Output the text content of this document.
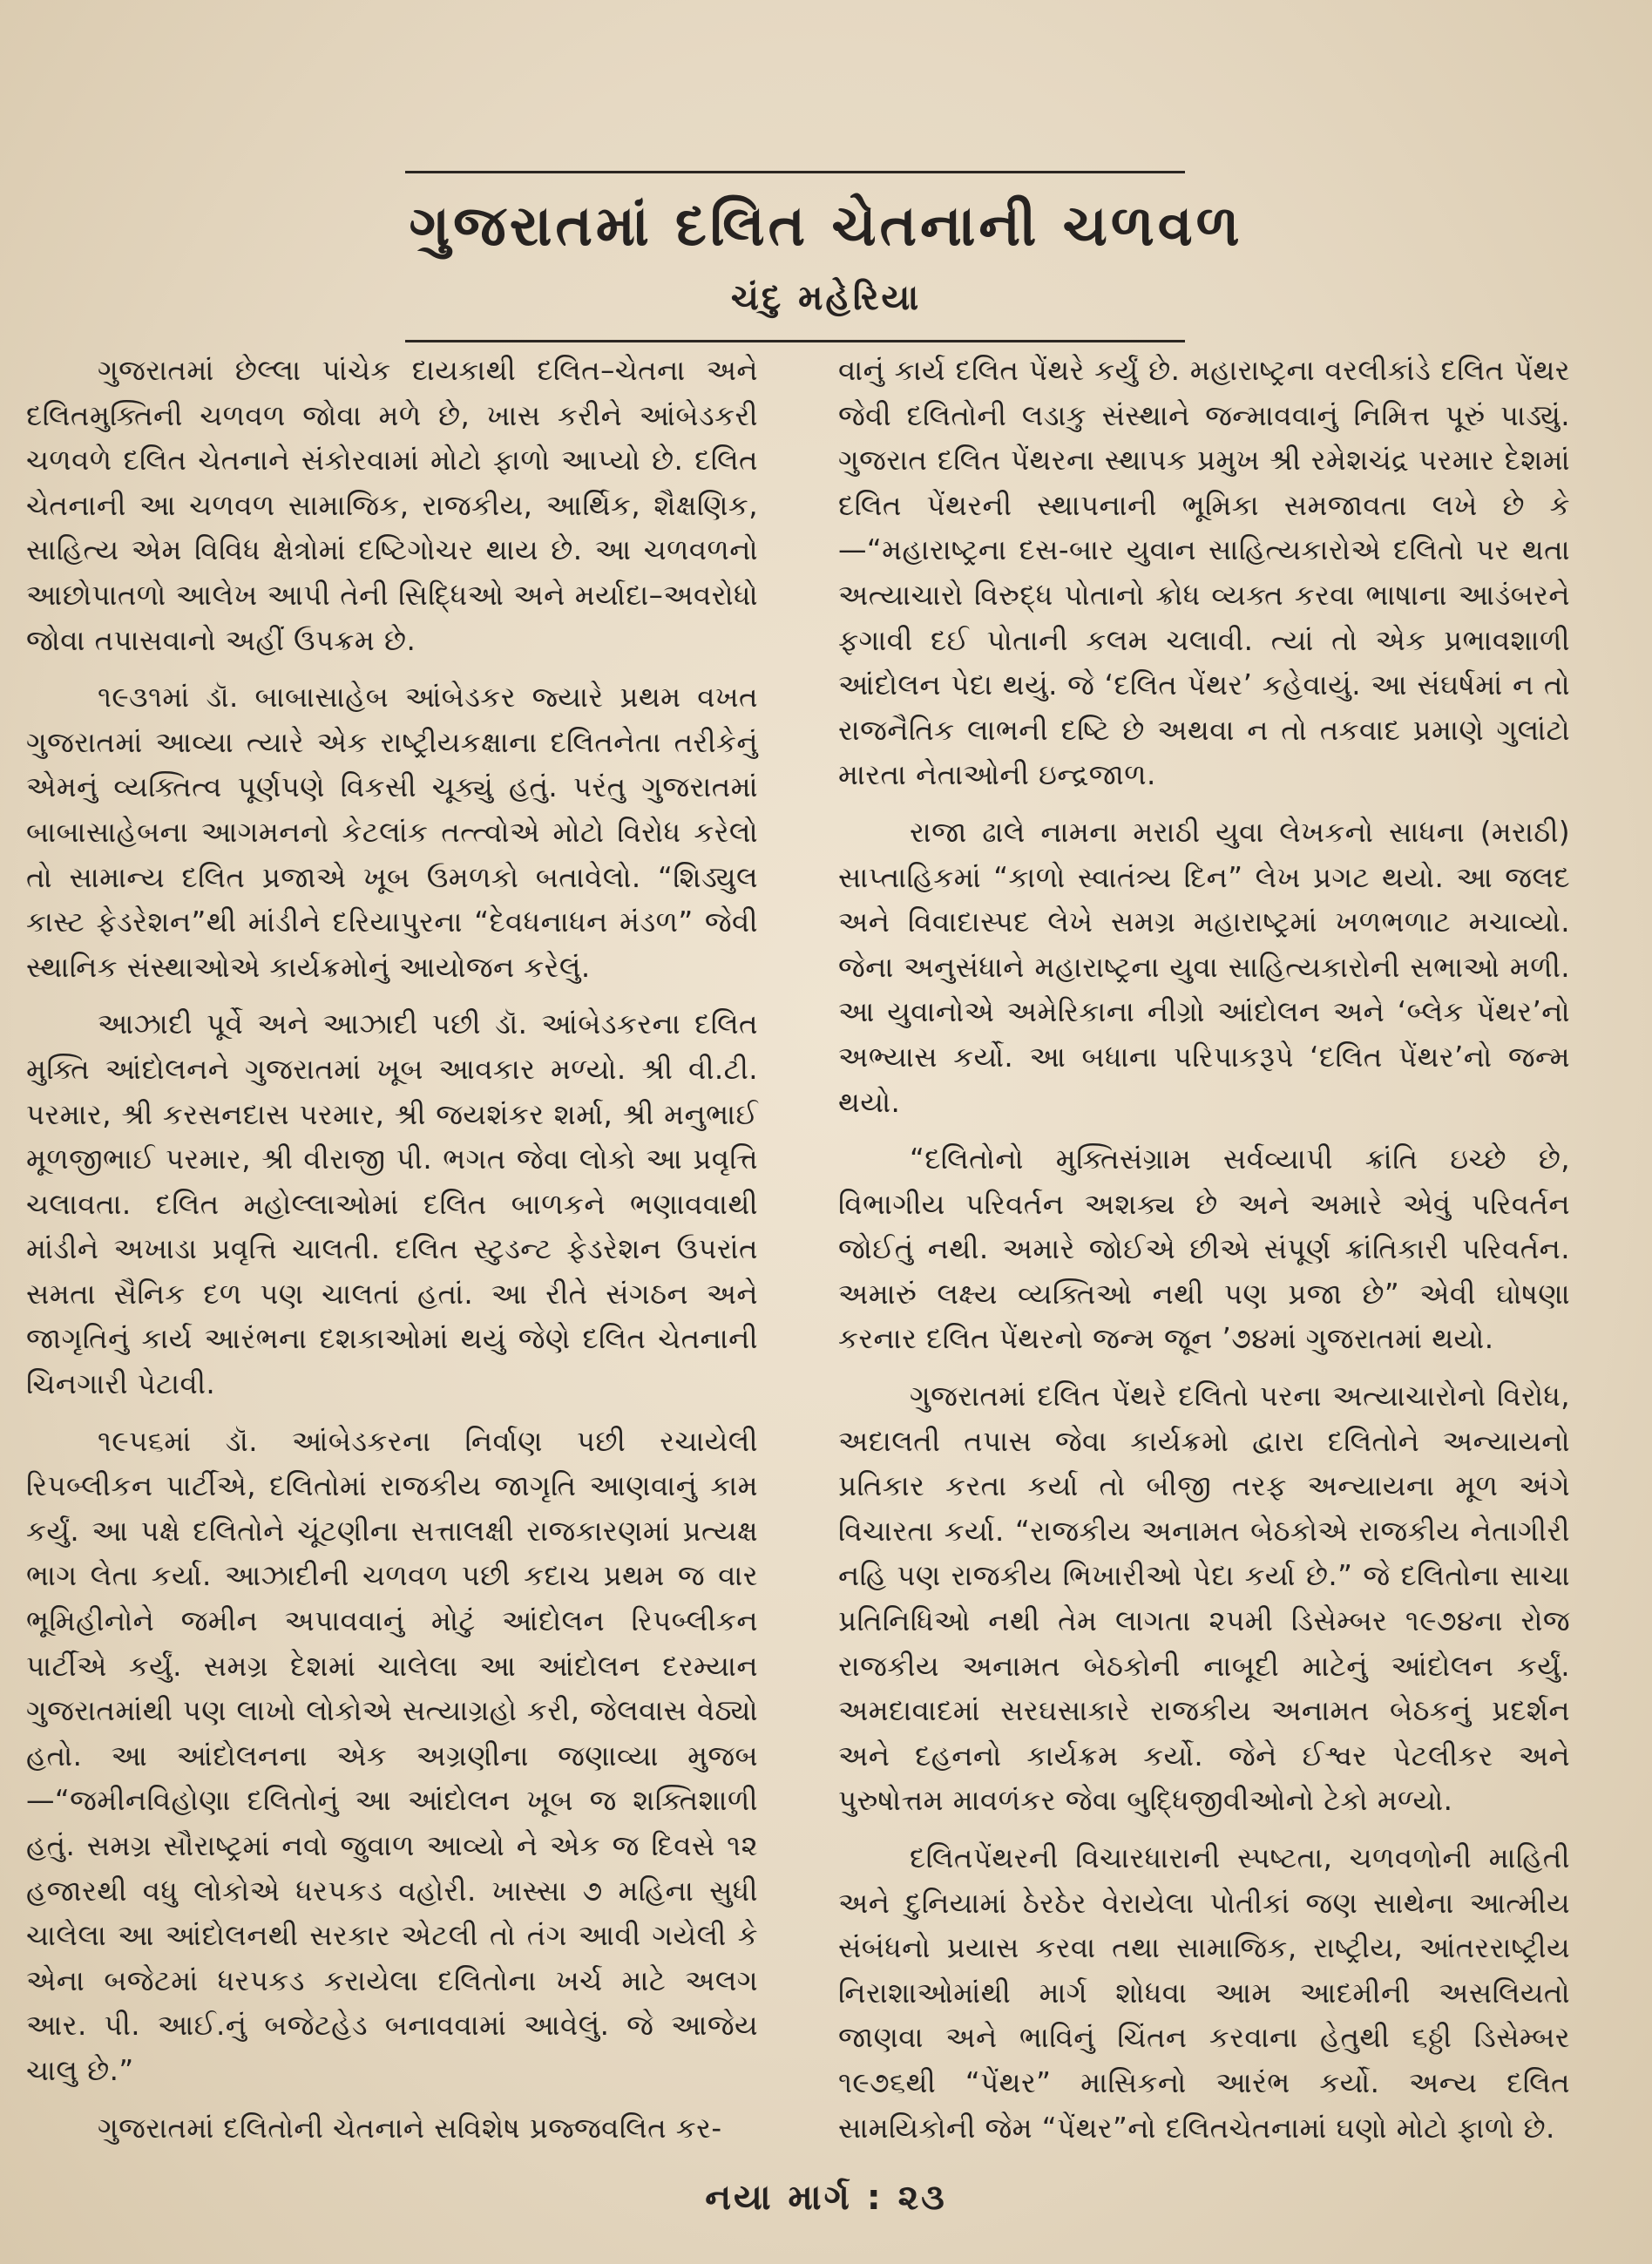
ગુજરાતમાં દલિત ચેતનાની ચળવળ
ચંદુ મહેરિયા

ગુજરાતમાં છેલ્લા પાંચેક દાયકાથી દલિત–ચેતના અને દલિતમુક્તિની ચળવળ જોવા મળે છે, ખાસ કરીને આંબેડકરી ચળવળે દલિત ચેતનાને સંકોરવામાં મોટો ફાળો આપ્યો છે. દલિત ચેતનાની આ ચળવળ સામાજિક, રાજકીય, આર્થિક, શૈક્ષણિક, સાહિત્ય એમ વિવિધ ક્ષેત્રોમાં દષ્ટિગોચર થાય છે. આ ચળવળનો આછોપાતળો આલેખ આપી તેની સિદ્ધિઓ અને મર્યાદા–અવરોધો જોવા તપાસવાનો અહીં ઉપક્રમ છે.

૧૯૩૧માં ડૉ. બાબાસાહેબ આંબેડકર જ્યારે પ્રથમ વખત ગુજરાતમાં આવ્યા ત્યારે એક રાષ્ટ્રીયકક્ષાના દલિતનેતા તરીકેનું એમનું વ્યક્તિત્વ પૂર્ણપણે વિકસી ચૂક્યું હતું. પરંતુ ગુજરાતમાં બાબાસાહેબના આગમનનો કેટલાંક તત્ત્વોએ મોટો વિરોધ કરેલો તો સામાન્ય દલિત પ્રજાએ ખૂબ ઉમળકો બતાવેલો. “શિડ્યુલ કાસ્ટ ફેડરેશન”થી માંડીને દરિયાપુરના “દેવધનાધન મંડળ” જેવી સ્થાનિક સંસ્થાઓએ કાર્યક્રમોનું આયોજન કરેલું.

આઝાદી પૂર્વે અને આઝાદી પછી ડૉ. આંબેડકરના દલિત મુક્તિ આંદોલનને ગુજરાતમાં ખૂબ આવકાર મળ્યો. શ્રી વી.ટી. પરમાર, શ્રી કરસનદાસ પરમાર, શ્રી જયશંકર શર્મા, શ્રી મનુભાઈ મૂળજીભાઈ પરમાર, શ્રી વીરાજી પી. ભગત જેવા લોકો આ પ્રવૃત્તિ ચલાવતા. દલિત મહોલ્લાઓમાં દલિત બાળકને ભણાવવાથી માંડીને અખાડા પ્રવૃત્તિ ચાલતી. દલિત સ્ટુડન્ટ ફેડરેશન ઉપરાંત સમતા સૈનિક દળ પણ ચાલતાં હતાં. આ રીતે સંગઠન અને જાગૃતિનું કાર્ય આરંભના દશકાઓમાં થયું જેણે દલિત ચેતનાની ચિનગારી પેટાવી.

૧૯૫૬માં ડૉ. આંબેડકરના નિર્વાણ પછી રચાયેલી રિપબ્લીકન પાર્ટીએ, દલિતોમાં રાજકીય જાગૃતિ આણવાનું કામ કર્યું. આ પક્ષે દલિતોને ચૂંટણીના સત્તાલક્ષી રાજકારણમાં પ્રત્યક્ષ ભાગ લેતા કર્યા. આઝાદીની ચળવળ પછી કદાચ પ્રથમ જ વાર ભૂમિહીનોને જમીન અપાવવાનું મોટું આંદોલન રિપબ્લીકન પાર્ટીએ કર્યું. સમગ્ર દેશમાં ચાલેલા આ આંદોલન દરમ્યાન ગુજરાતમાંથી પણ લાખો લોકોએ સત્યાગ્રહો કરી, જેલવાસ વેઠ્યો હતો. આ આંદોલનના એક અગ્રણીના જણાવ્યા મુજબ —“જમીનવિહોણા દલિતોનું આ આંદોલન ખૂબ જ શક્તિશાળી હતું. સમગ્ર સૌરાષ્ટ્રમાં નવો જુવાળ આવ્યો ને એક જ દિવસે ૧૨ હજારથી વધુ લોકોએ ધરપકડ વહોરી. ખાસ્સા ૭ મહિના સુધી ચાલેલા આ આંદોલનથી સરકાર એટલી તો તંગ આવી ગયેલી કે એના બજેટમાં ધરપકડ કરાયેલા દલિતોના ખર્ચ માટે અલગ આર. પી. આઈ.નું બજેટહેડ બનાવવામાં આવેલું. જે આજેય ચાલુ છે.”

ગુજરાતમાં દલિતોની ચેતનાને સવિશેષ પ્રજ્જવલિત કર-

વાનું કાર્ય દલિત પેંથરે કર્યું છે. મહારાષ્ટ્રના વરલીકાંડે દલિત પેંથર જેવી દલિતોની લડાકુ સંસ્થાને જન્માવવાનું નિમિત્ત પૂરું પાડ્યું. ગુજરાત દલિત પેંથરના સ્થાપક પ્રમુખ શ્રી રમેશચંદ્ર પરમાર દેશમાં દલિત પેંથરની સ્થાપનાની ભૂમિકા સમજાવતા લખે છે કે—“મહારાષ્ટ્રના દસ-બાર યુવાન સાહિત્યકારોએ દલિતો પર થતા અત્યાચારો વિરુદ્ધ પોતાનો ક્રોધ વ્યક્ત કરવા ભાષાના આડંબરને ફગાવી દઈ પોતાની કલમ ચલાવી. ત્યાં તો એક પ્રભાવશાળી આંદોલન પેદા થયું. જે ‘દલિત પેંથર’ કહેવાયું. આ સંઘર્ષમાં ન તો રાજનૈતિક લાભની દષ્ટિ છે અથવા ન તો તકવાદ પ્રમાણે ગુલાંટો મારતા નેતાઓની ઇન્દ્રજાળ.

રાજા ઢાલે નામના મરાઠી યુવા લેખકનો સાધના (મરાઠી) સાપ્તાહિકમાં “કાળો સ્વાતંત્ર્ય દિન” લેખ પ્રગટ થયો. આ જલદ અને વિવાદાસ્પદ લેખે સમગ્ર મહારાષ્ટ્રમાં ખળભળાટ મચાવ્યો. જેના અનુસંધાને મહારાષ્ટ્રના યુવા સાહિત્યકારોની સભાઓ મળી. આ યુવાનોએ અમેરિકાના નીગ્રો આંદોલન અને ‘બ્લેક પેંથર’નો અભ્યાસ કર્યો. આ બધાના પરિપાકરૂપે ‘દલિત પેંથર’નો જન્મ થયો.

“દલિતોનો મુક્તિસંગ્રામ સર્વવ્યાપી ક્રાંતિ ઇચ્છે છે, વિભાગીય પરિવર્તન અશક્ય છે અને અમારે એવું પરિવર્તન જોઈતું નથી. અમારે જોઈએ છીએ સંપૂર્ણ ક્રાંતિકારી પરિવર્તન. અમારું લક્ષ્ય વ્યક્તિઓ નથી પણ પ્રજા છે” એવી ઘોષણા કરનાર દલિત પેંથરનો જન્મ જૂન ’૭૪માં ગુજરાતમાં થયો.

ગુજરાતમાં દલિત પેંથરે દલિતો પરના અત્યાચારોનો વિરોધ, અદાલતી તપાસ જેવા કાર્યક્રમો દ્વારા દલિતોને અન્યાયનો પ્રતિકાર કરતા કર્યા તો બીજી તરફ અન્યાયના મૂળ અંગે વિચારતા કર્યા. “રાજકીય અનામત બેઠકોએ રાજકીય નેતાગીરી નહિ પણ રાજકીય ભિખારીઓ પેદા કર્યા છે.” જે દલિતોના સાચા પ્રતિનિધિઓ નથી તેમ લાગતા ૨૫મી ડિસેમ્બર ૧૯૭૪ના રોજ રાજકીય અનામત બેઠકોની નાબૂદી માટેનું આંદોલન કર્યું. અમદાવાદમાં સરઘસાકારે રાજકીય અનામત બેઠકનું પ્રદર્શન અને દહનનો કાર્યક્રમ કર્યો. જેને ઈશ્વર પેટલીકર અને પુરુષોત્તમ માવળંકર જેવા બુદ્ધિજીવીઓનો ટેકો મળ્યો.

દલિતપેંથરની વિચારધારાની સ્પષ્ટતા, ચળવળોની માહિતી અને દુનિયામાં ઠેરઠેર વેરાયેલા પોતીકાં જણ સાથેના આત્મીય સંબંધનો પ્રયાસ કરવા તથા સામાજિક, રાષ્ટ્રીય, આંતરરાષ્ટ્રીય નિરાશાઓમાંથી માર્ગ શોધવા આમ આદમીની અસલિયતો જાણવા અને ભાવિનું ચિંતન કરવાના હેતુથી ૬ઠ્ઠી ડિસેમ્બર ૧૯૭૬થી “પેંથર” માસિકનો આરંભ કર્યો. અન્ય દલિત સામયિકોની જેમ “પેંથર”નો દલિતચેતનામાં ઘણો મોટો ફાળો છે.

નયા માર્ગ : ૨૩
